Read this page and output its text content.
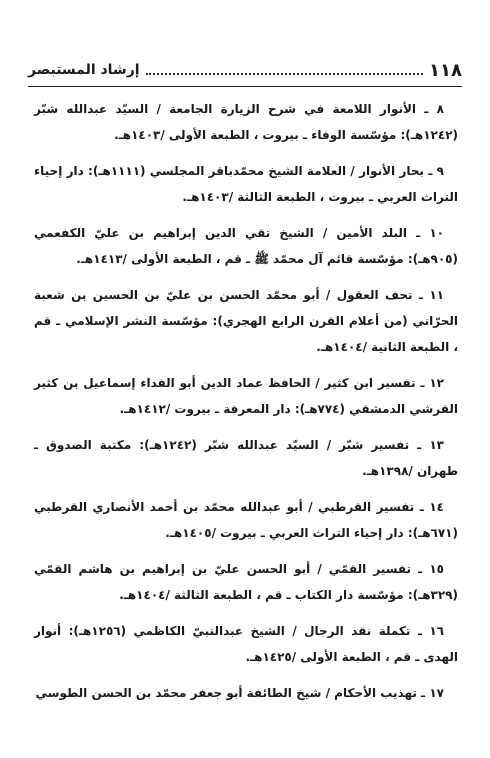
١١٨
إرشاد المستبصر

٨ ـ الأنوار اللامعة في شرح الزيارة الجامعة / السيّد عبدالله شبّر (١٢٤٢هـ): مؤسّسة الوفاء ـ بيروت ، الطبعة الأولى /١٤٠٣هـ.

٩ ـ بحار الأنوار / العلامة الشيخ محمّدباقر المجلسي (١١١١هـ): دار إحياء التراث العربي ـ بيروت ، الطبعة الثالثة /١٤٠٣هـ.

١٠ ـ البلد الأمين / الشيخ تقي الدين إبراهيم بن عليّ الكفعمي (٩٠٥هـ): مؤسّسة قائم آل محمّد ﷺ ـ قم ، الطبعة الأولى /١٤١٣هـ.

١١ ـ تحف العقول / أبو محمّد الحسن بن عليّ بن الحسين بن شعبة الحرّاني (من أعلام القرن الرابع الهجري): مؤسّسة النشر الإسلامي ـ قم ، الطبعة الثانية /١٤٠٤هـ.

١٢ ـ تفسير ابن كثير / الحافظ عماد الدين أبو الفداء إسماعيل بن كثير القرشي الدمشقي (٧٧٤هـ): دار المعرفة ـ بيروت /١٤١٢هـ.

١٣ ـ تفسير شبّر / السيّد عبدالله شبّر (١٢٤٢هـ): مكتبة الصدوق ـ طهران /١٣٩٨هـ.

١٤ ـ تفسير القرطبي / أبو عبدالله محمّد بن أحمد الأنصاري القرطبي (٦٧١هـ): دار إحياء التراث العربي ـ بيروت /١٤٠٥هـ.

١٥ ـ تفسير القمّي / أبو الحسن عليّ بن إبراهيم بن هاشم القمّي (٣٢٩هـ): مؤسّسة دار الكتاب ـ قم ، الطبعة الثالثة /١٤٠٤هـ.

١٦ ـ تكملة نقد الرجال / الشيخ عبدالنبيّ الكاظمي (١٢٥٦هـ): أنوار الهدى ـ قم ، الطبعة الأولى /١٤٢٥هـ.

١٧ ـ تهذيب الأحكام / شيخ الطائفة أبو جعفر محمّد بن الحسن الطوسي
